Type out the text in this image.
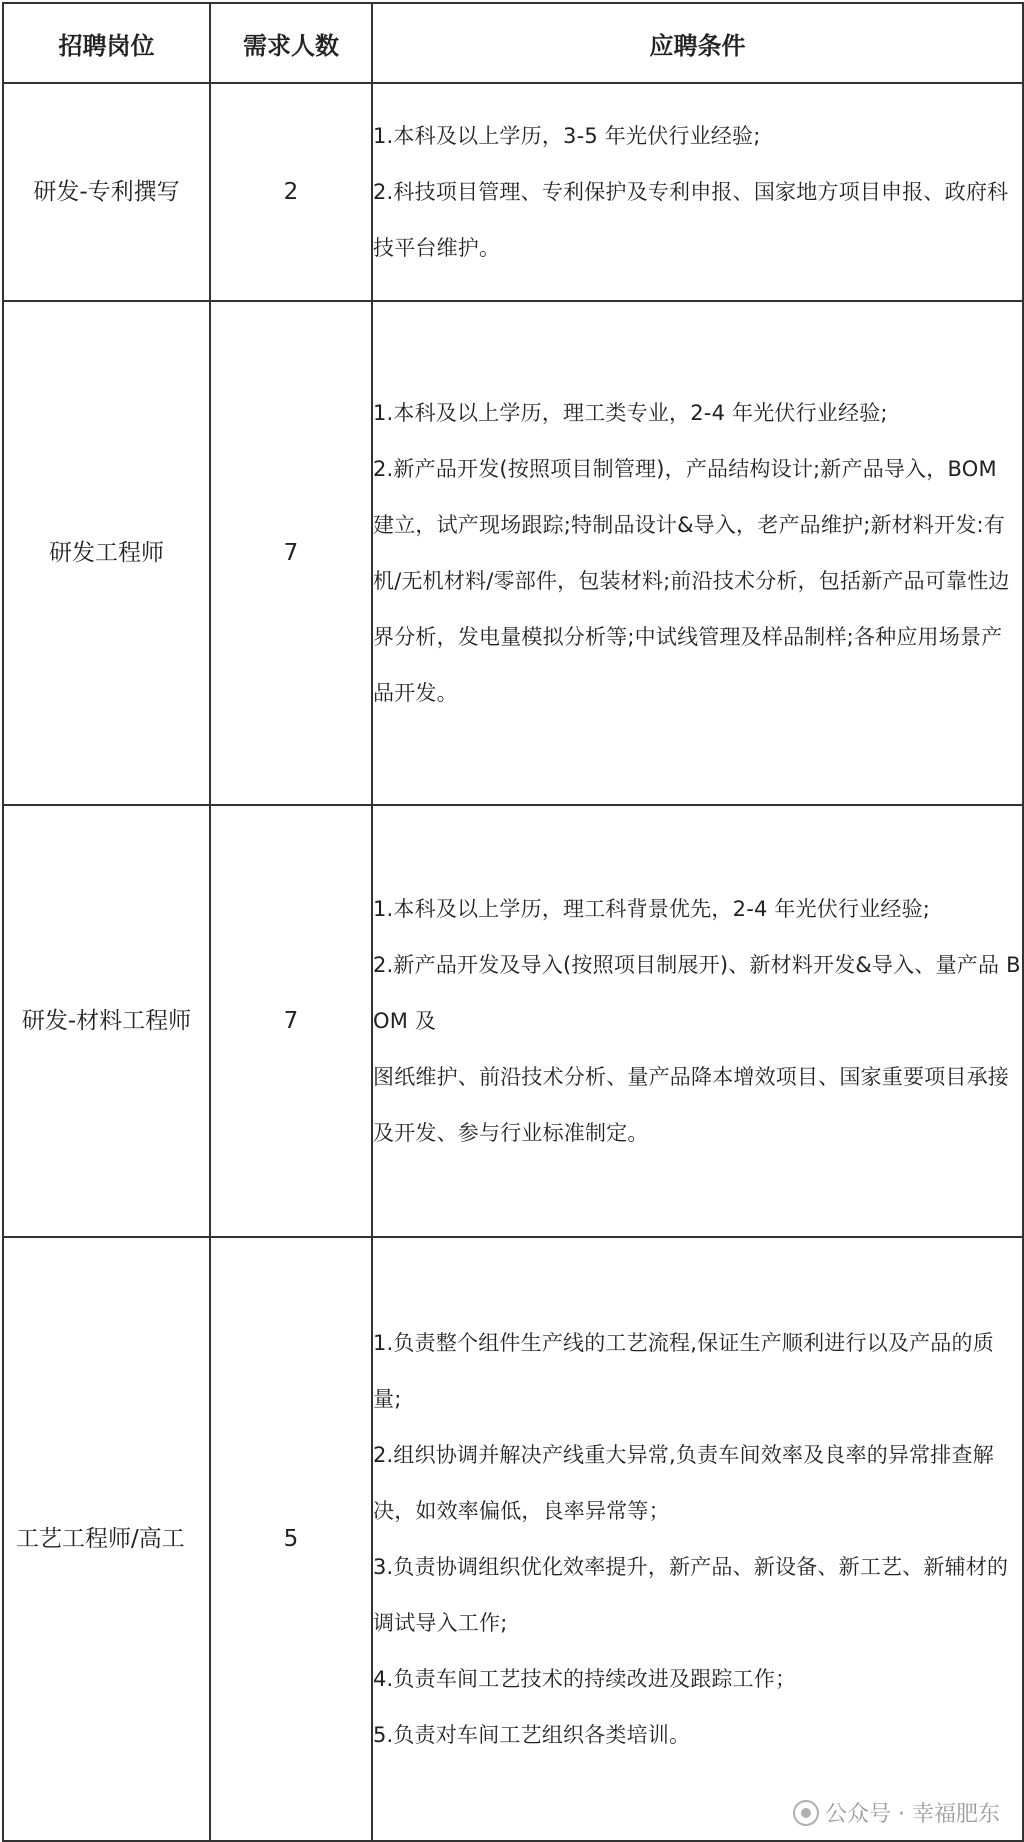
招聘岗位	需求人数	应聘条件
研发-专利撰写	2	1.本科及以上学历，3-5 年光伏行业经验;

2.科技项目管理、专利保护及专利申报、国家地方项目申报、政府科技平台维护。

研发工程师	7	1.本科及以上学历，理工类专业，2-4 年光伏行业经验;

2.新产品开发(按照项目制管理)，产品结构设计;新产品导入，BOM 建立，试产现场跟踪;特制品设计&导入，老产品维护;新材料开发:有机/无机材料/零部件，包装材料;前沿技术分析，包括新产品可靠性边界分析，发电量模拟分析等;中试线管理及样品制样;各种应用场景产品开发。

研发-材料工程师	7	1.本科及以上学历，理工科背景优先，2-4 年光伏行业经验;

2.新产品开发及导入(按照项目制展开)、新材料开发&导入、量产品 BOM 及

图纸维护、前沿技术分析、量产品降本增效项目、国家重要项目承接及开发、参与行业标准制定。

工艺工程师/高工	5	1.负责整个组件生产线的工艺流程,保证生产顺利进行以及产品的质量;

2.组织协调并解决产线重大异常,负责车间效率及良率的异常排查解决，如效率偏低，良率异常等；

3.负责协调组织优化效率提升，新产品、新设备、新工艺、新辅材的调试导入工作;

4.负责车间工艺技术的持续改进及跟踪工作；

5.负责对车间工艺组织各类培训。

公众号 · 幸福肥东
